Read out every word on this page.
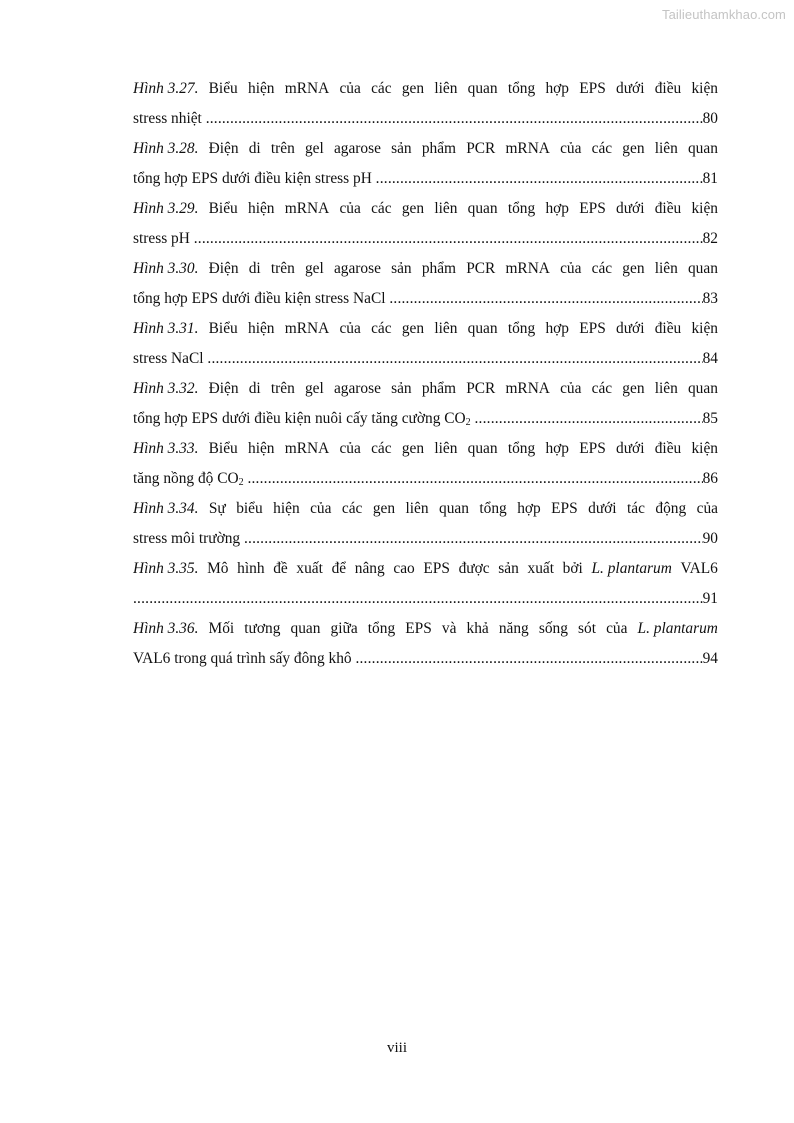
Tailieuthamkhao.com
Hình 3.27. Biểu hiện mRNA của các gen liên quan tổng hợp EPS dưới điều kiện
stress nhiệt .....	80
Hình 3.28. Điện di trên gel agarose sản phẩm PCR mRNA của các gen liên quan
tổng hợp EPS dưới điều kiện stress pH .....	81
Hình 3.29. Biểu hiện mRNA của các gen liên quan tổng hợp EPS dưới điều kiện
stress pH .....	82
Hình 3.30. Điện di trên gel agarose sản phẩm PCR mRNA của các gen liên quan
tổng hợp EPS dưới điều kiện stress NaCl .....	83
Hình 3.31. Biểu hiện mRNA của các gen liên quan tổng hợp EPS dưới điều kiện
stress NaCl .....	84
Hình 3.32. Điện di trên gel agarose sản phẩm PCR mRNA của các gen liên quan
tổng hợp EPS dưới điều kiện nuôi cấy tăng cường $CO_2$ .....	85
Hình 3.33. Biểu hiện mRNA của các gen liên quan tổng hợp EPS dưới điều kiện
tăng nồng độ $CO_2$ .....	86
Hình 3.34. Sự biểu hiện của các gen liên quan tổng hợp EPS dưới tác động của
stress môi trường .....	90
Hình 3.35. Mô hình đề xuất để nâng cao EPS được sản xuất bởi L. plantarum VAL6
.....
91
Hình 3.36. Mối tương quan giữa tổng EPS và khả năng sống sót của L. plantarum
VAL6 trong quá trình sấy đông khô .....	94
viii
